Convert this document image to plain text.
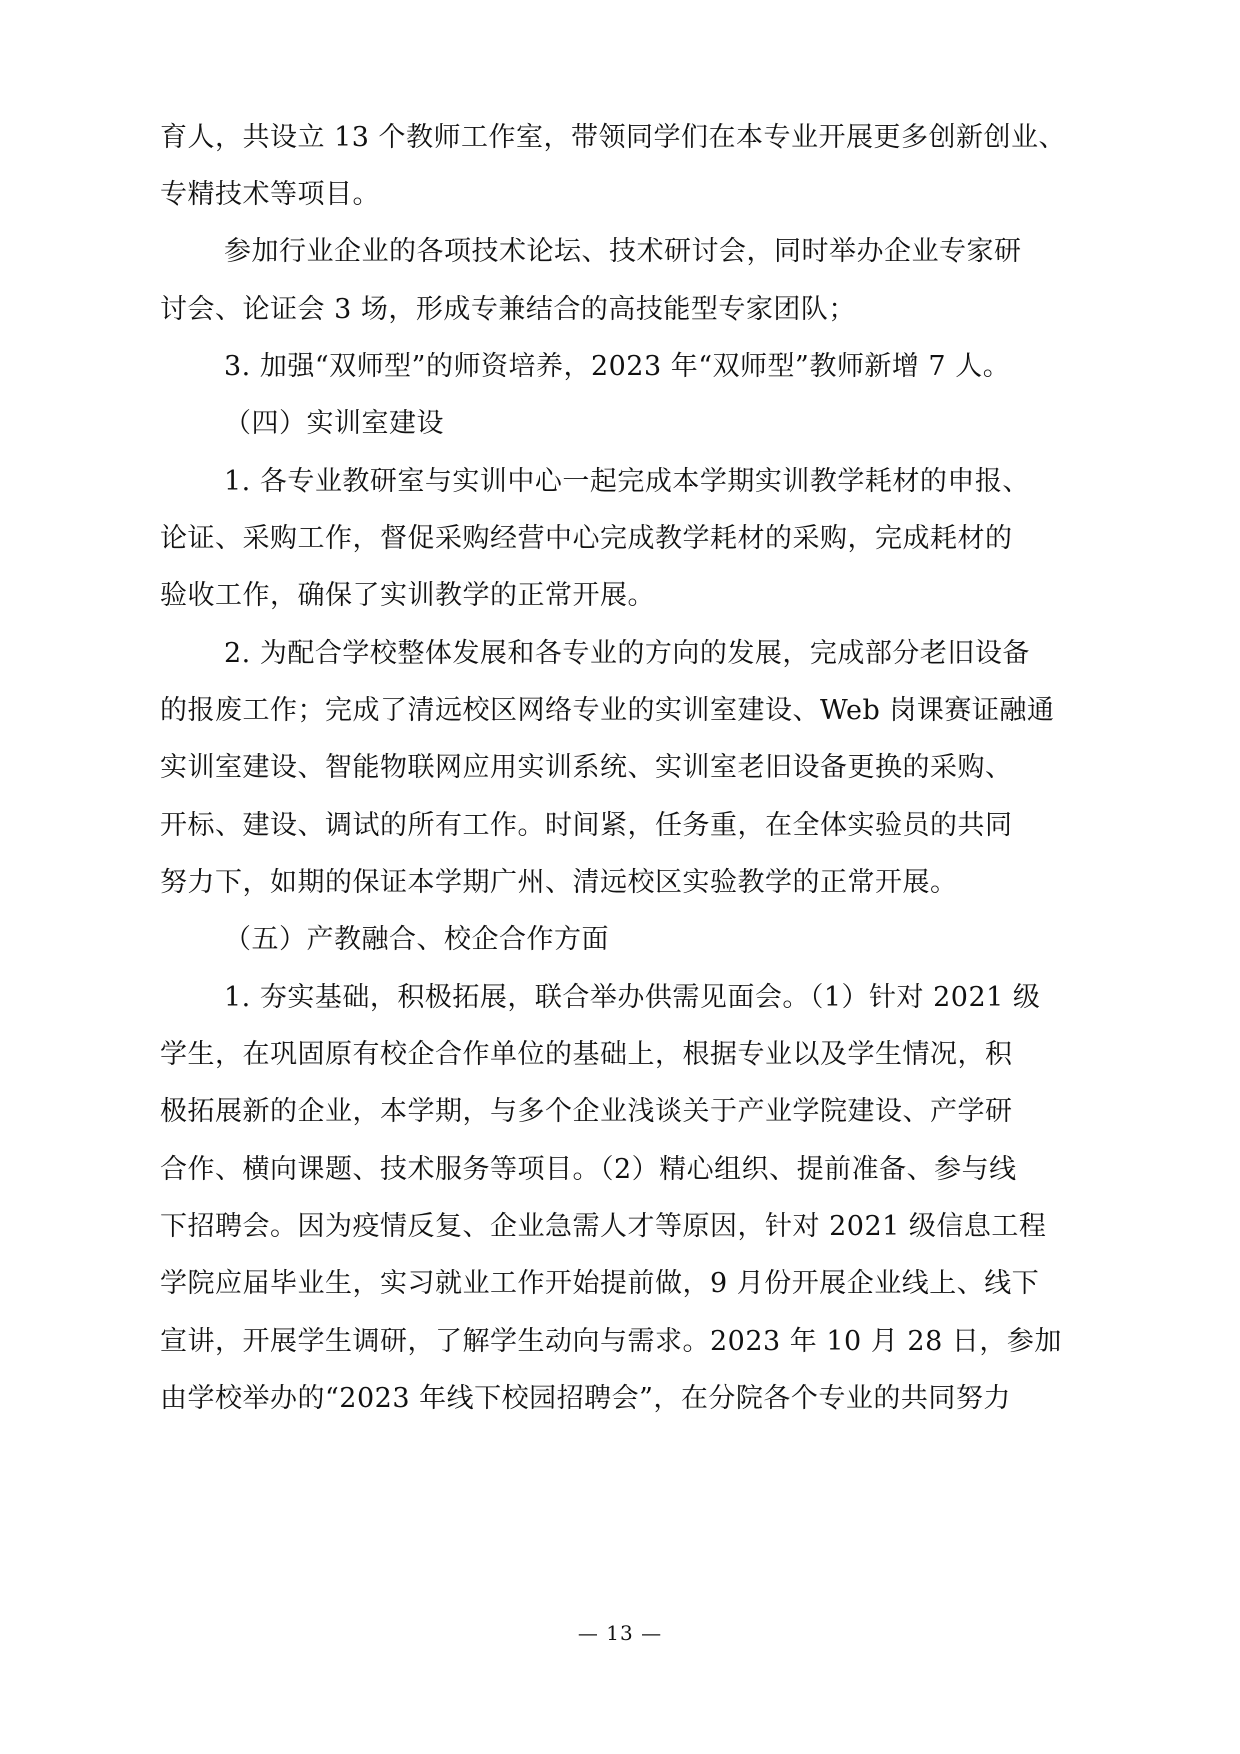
育人，共设立 13 个教师工作室，带领同学们在本专业开展更多创新创业、
专精技术等项目。
参加行业企业的各项技术论坛、技术研讨会，同时举办企业专家研
讨会、论证会 3 场，形成专兼结合的高技能型专家团队；
3. 加强“双师型”的师资培养，2023 年“双师型”教师新增 7 人。
（四）实训室建设
1. 各专业教研室与实训中心一起完成本学期实训教学耗材的申报、
论证、采购工作，督促采购经营中心完成教学耗材的采购，完成耗材的
验收工作，确保了实训教学的正常开展。
2. 为配合学校整体发展和各专业的方向的发展，完成部分老旧设备
的报废工作；完成了清远校区网络专业的实训室建设、Web 岗课赛证融通
实训室建设、智能物联网应用实训系统、实训室老旧设备更换的采购、
开标、建设、调试的所有工作。时间紧，任务重，在全体实验员的共同
努力下，如期的保证本学期广州、清远校区实验教学的正常开展。
（五）产教融合、校企合作方面
1. 夯实基础，积极拓展，联合举办供需见面会。（1）针对 2021 级
学生，在巩固原有校企合作单位的基础上，根据专业以及学生情况，积
极拓展新的企业，本学期，与多个企业浅谈关于产业学院建设、产学研
合作、横向课题、技术服务等项目。（2）精心组织、提前准备、参与线
下招聘会。因为疫情反复、企业急需人才等原因，针对 2021 级信息工程
学院应届毕业生，实习就业工作开始提前做，9 月份开展企业线上、线下
宣讲，开展学生调研，了解学生动向与需求。2023 年 10 月 28 日，参加
由学校举办的“2023 年线下校园招聘会”，在分院各个专业的共同努力
— 13 —
